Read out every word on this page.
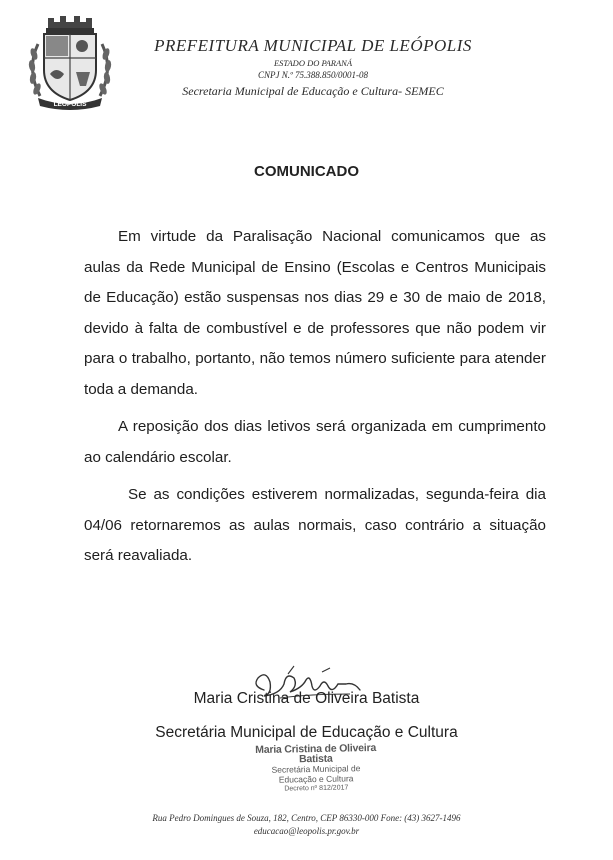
LEÓPOLIS
PREFEITURA MUNICIPAL DE LEÓPOLIS
ESTADO DO PARANÁ
CNPJ N.º 75.388.850/0001-08
Secretaria Municipal de Educação e Cultura- SEMEC
COMUNICADO

Em virtude da Paralisação Nacional comunicamos que as aulas da Rede Municipal de Ensino (Escolas e Centros Municipais de Educação) estão suspensas nos dias 29 e 30 de maio de 2018, devido à falta de combustível e de professores que não podem vir para o trabalho, portanto, não temos número suficiente para atender toda a demanda.

A reposição dos dias letivos será organizada em cumprimento ao calendário escolar.

Se as condições estiverem normalizadas, segunda-feira dia 04/06 retornaremos as aulas normais, caso contrário a situação será reavaliada.

Maria Cristina de Oliveira Batista
Secretária Municipal de Educação e Cultura
Maria Cristina de Oliveira Batista
Secretária Municipal de
Educação e Cultura
Decreto nº 812/2017
Rua Pedro Domingues de Souza, 182, Centro, CEP 86330-000 Fone: (43) 3627-1496
educacao@leopolis.pr.gov.br
